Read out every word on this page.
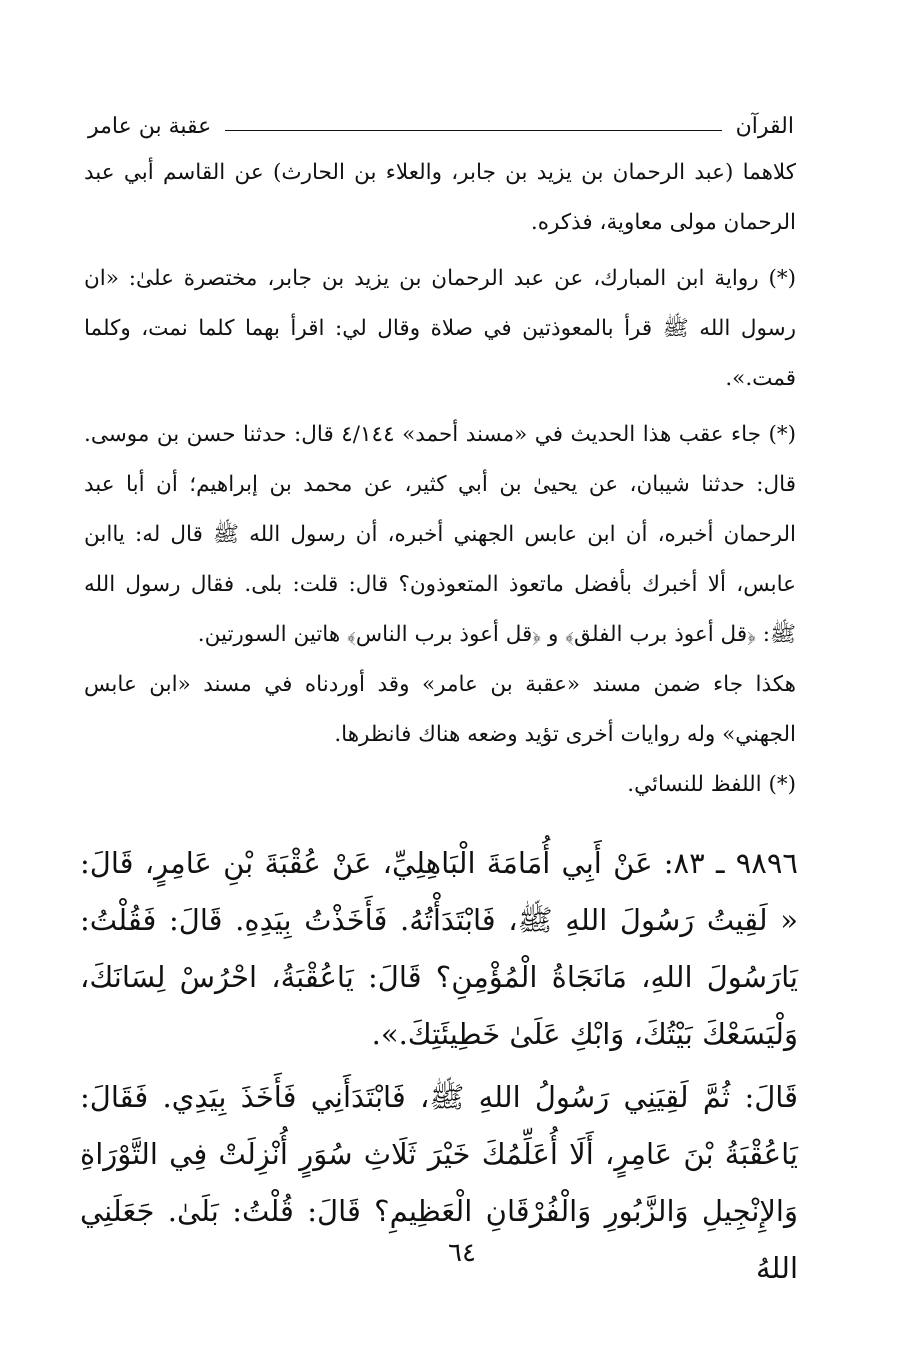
القرآن
عقبة بن عامر

كلاهما (عبد الرحمان بن يزيد بن جابر، والعلاء بن الحارث) عن القاسم أبي عبد الرحمان مولى معاوية، فذكره.

(*) رواية ابن المبارك، عن عبد الرحمان بن يزيد بن جابر، مختصرة علىٰ: «ان رسول الله ﷺ قرأ بالمعوذتين في صلاة وقال لي: اقرأ بهما كلما نمت، وكلما قمت.».

(*) جاء عقب هذا الحديث في «مسند أحمد» ٤/١٤٤ قال: حدثنا حسن بن موسى. قال: حدثنا شيبان، عن يحيىٰ بن أبي كثير، عن محمد بن إبراهيم؛ أن أبا عبد الرحمان أخبره، أن ابن عابس الجهني أخبره، أن رسول الله ﷺ قال له: ياابن عابس، ألا أخبرك بأفضل ماتعوذ المتعوذون؟ قال: قلت: بلى. فقال رسول الله ﷺ: ﴿قل أعوذ برب الفلق﴾ و ﴿قل أعوذ برب الناس﴾ هاتين السورتين.

هكذا جاء ضمن مسند «عقبة بن عامر» وقد أوردناه في مسند «ابن عابس الجهني» وله روايات أخرى تؤيد وضعه هناك فانظرها.

(*) اللفظ للنسائي.

٩٨٩٦ ـ ٨٣: عَنْ أَبِي أُمَامَةَ الْبَاهِلِيِّ، عَنْ عُقْبَةَ بْنِ عَامِرٍ، قَالَ: « لَقِيتُ رَسُولَ اللهِ ﷺ، فَابْتَدَأْتُهُ. فَأَخَذْتُ بِيَدِهِ. قَالَ: فَقُلْتُ: يَارَسُولَ اللهِ، مَانَجَاةُ الْمُؤْمِنِ؟ قَالَ: يَاعُقْبَةُ، احْرُسْ لِسَانَكَ، وَلْيَسَعْكَ بَيْتُكَ، وَابْكِ عَلَىٰ خَطِيئَتِكَ.».

قَالَ: ثُمَّ لَقِيَنِي رَسُولُ اللهِ ﷺ، فَابْتَدَأَنِي فَأَخَذَ بِيَدِي. فَقَالَ: يَاعُقْبَةُ بْنَ عَامِرٍ، أَلَا أُعَلِّمُكَ خَيْرَ ثَلَاثِ سُوَرٍ أُنْزِلَتْ فِي التَّوْرَاةِ وَالإِنْجِيلِ وَالزَّبُورِ وَالْفُرْقَانِ الْعَظِيمِ؟ قَالَ: قُلْتُ: بَلَىٰ. جَعَلَنِي اللهُ

٦٤
